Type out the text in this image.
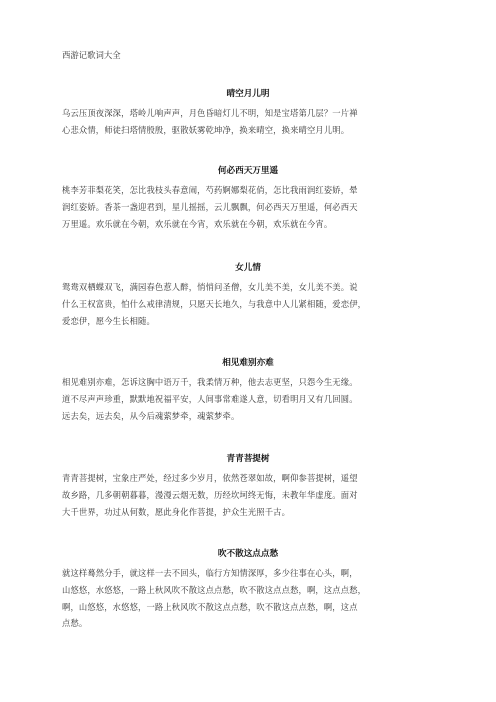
西游记歌词大全
晴空月儿明

乌云压顶夜深深，塔岭儿响声声，月色昏暗灯儿不明，知是宝塔第几层？一片禅
心悲众情，师徒扫塔情殷殷，驱散妖雾乾坤净，换来晴空，换来晴空月儿明。

何必西天万里遥

桃李芳菲梨花笑，怎比我枝头春意闹，芍药婀娜梨花俏，怎比我雨润红姿娇，晕
润红姿娇。香茶一盏迎君到，星儿摇摇，云儿飘飘，何必西天万里遥，何必西天
万里遥。欢乐就在今朝，欢乐就在今宵，欢乐就在今朝，欢乐就在今宵。

女儿情

鸳鸯双栖蝶双飞，满园春色惹人醉，悄悄问圣僧，女儿美不美，女儿美不美。说
什么王权富贵，怕什么戒律清规，只愿天长地久，与我意中人儿紧相随，爱恋伊，
爱恋伊，愿今生长相随。

相见难别亦难

相见难别亦难，怎诉这胸中语万千，我柔情万种，他去志更坚，只怨今生无缘。
道不尽声声珍重，默默地祝福平安，人间事常难遂人意，切看明月又有几回圆。
远去矣，远去矣，从今后魂萦梦牵，魂萦梦牵。

青青菩提树

青青菩提树，宝象庄严处，经过多少岁月，依然苍翠如故，啊仰参菩提树，遥望
故乡路，几多朝朝暮暮，漫漫云烟无数，历经坎坷终无悔，未教年华虚度。面对
大千世界，功过从何数，愿此身化作菩提，护众生光照千古。

吹不散这点点愁

就这样蓦然分手，就这样一去不回头，临行方知情深厚，多少往事在心头，啊，
山悠悠，水悠悠，一路上秋风吹不散这点点愁，吹不散这点点愁，啊，这点点愁，
啊，山悠悠，水悠悠，一路上秋风吹不散这点点愁，吹不散这点点愁，啊，这点
点愁。
